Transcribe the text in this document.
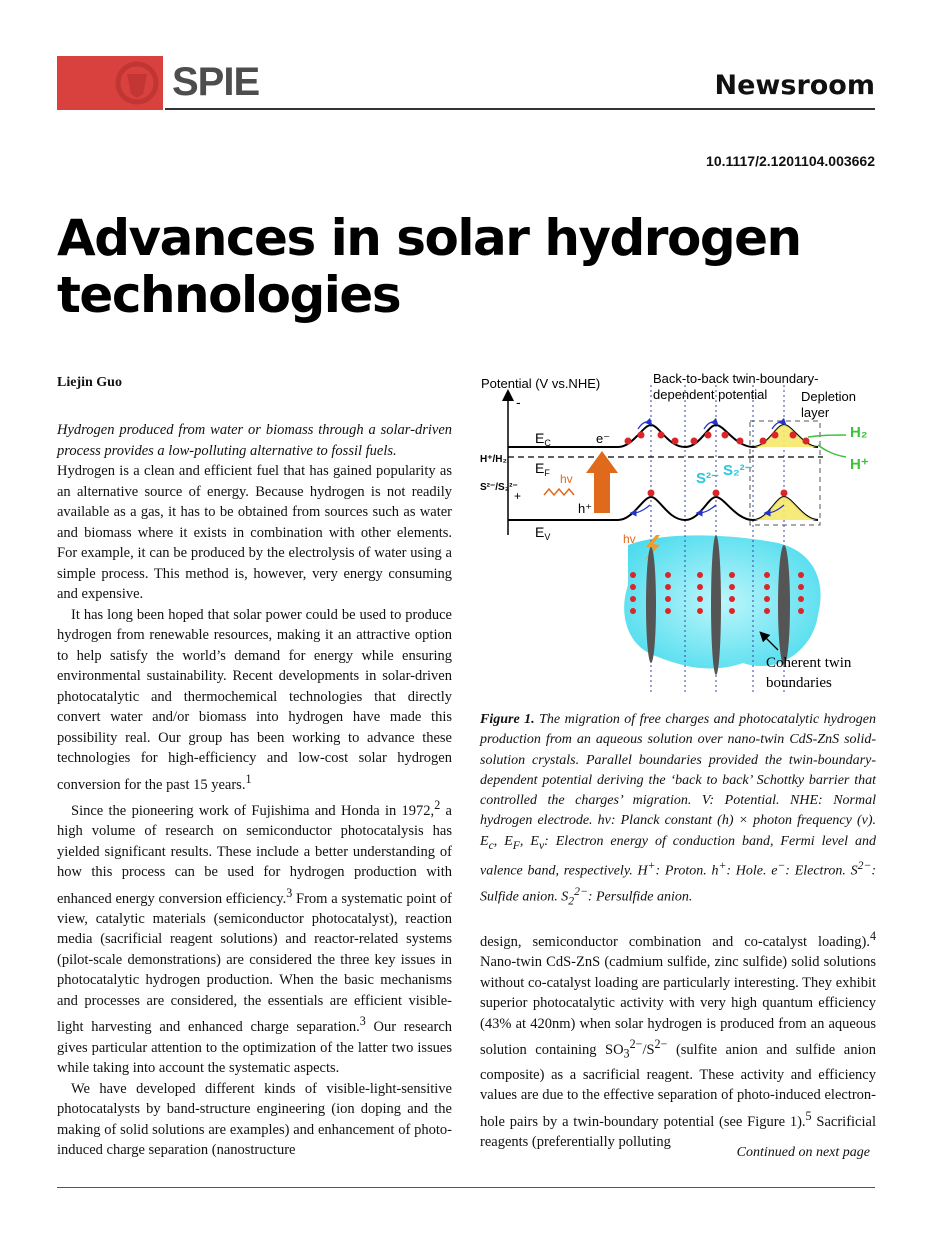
SPIE	Newsroom
10.1117/2.1201104.003662
Advances in solar hydrogen technologies
Liejin Guo

Hydrogen produced from water or biomass through a solar-driven process provides a low-polluting alternative to fossil fuels.

Hydrogen is a clean and efficient fuel that has gained popularity as an alternative source of energy. Because hydrogen is not readily available as a gas, it has to be obtained from sources such as water and biomass where it exists in combination with other elements. For example, it can be produced by the electrolysis of water using a simple process. This method is, however, very energy consuming and expensive.

It has long been hoped that solar power could be used to produce hydrogen from renewable resources, making it an attractive option to help satisfy the world’s demand for energy while ensuring environmental sustainability. Recent developments in solar-driven photocatalytic and thermochemical technologies that directly convert water and/or biomass into hydrogen have made this possibility real. Our group has been working to advance these technologies for high-efficiency and low-cost solar hydrogen conversion for the past 15 years.$^1$

Since the pioneering work of Fujishima and Honda in 1972,$^2$ a high volume of research on semiconductor photocatalysis has yielded significant results. These include a better understanding of how this process can be used for hydrogen production with enhanced energy conversion efficiency.$^3$ From a systematic point of view, catalytic materials (semiconductor photocatalyst), reaction media (sacrificial reagent solutions) and reactor-related systems (pilot-scale demonstrations) are considered the three key issues in photocatalytic hydrogen production. When the basic mechanisms and processes are considered, the essentials are efficient visible-light harvesting and enhanced charge separation.$^3$ Our research gives particular attention to the optimization of the latter two issues while taking into account the systematic aspects.

We have developed different kinds of visible-light-sensitive photocatalysts by band-structure engineering (ion doping and the making of solid solutions are examples) and enhancement of photo-induced charge separation (nanostructure

Potential (V vs.NHE)
-
+
H⁺/H₂
S²⁻/S₂²⁻
Back-to-back twin-boundary-
dependent potential	Depletion
layer
$E_C$
$E_F$
$E_V$
e⁻
h⁺
hv
hv
S²⁻ S₂²⁻
H₂
H⁺
Coherent twin
boundaries
Figure 1. The migration of free charges and photocatalytic hydrogen production from an aqueous solution over nano-twin CdS-ZnS solid-solution crystals. Parallel boundaries provided the twin-boundary-dependent potential deriving the ‘back to back’ Schottky barrier that controlled the charges’ migration. V: Potential. NHE: Normal hydrogen electrode. hν: Planck constant (h) × photon frequency (ν). $E_c$, $E_F$, $E_v$: Electron energy of conduction band, Fermi level and valence band, respectively. H+: Proton. h+: Hole. e−: Electron. $S^{2-}$: Sulfide anion. $S_2^{2-}$: Persulfide anion.

design, semiconductor combination and co-catalyst loading).$^4$ Nano-twin CdS-ZnS (cadmium sulfide, zinc sulfide) solid solutions without co-catalyst loading are particularly interesting. They exhibit superior photocatalytic activity with very high quantum efficiency (43% at 420nm) when solar hydrogen is produced from an aqueous solution containing $SO_3^{2-}/S^{2-}$ (sulfite anion and sulfide anion composite) as a sacrificial reagent. These activity and efficiency values are due to the effective separation of photo-induced electron-hole pairs by a twin-boundary potential (see Figure 1).$^5$ Sacrificial reagents (preferentially polluting

Continued on next page
